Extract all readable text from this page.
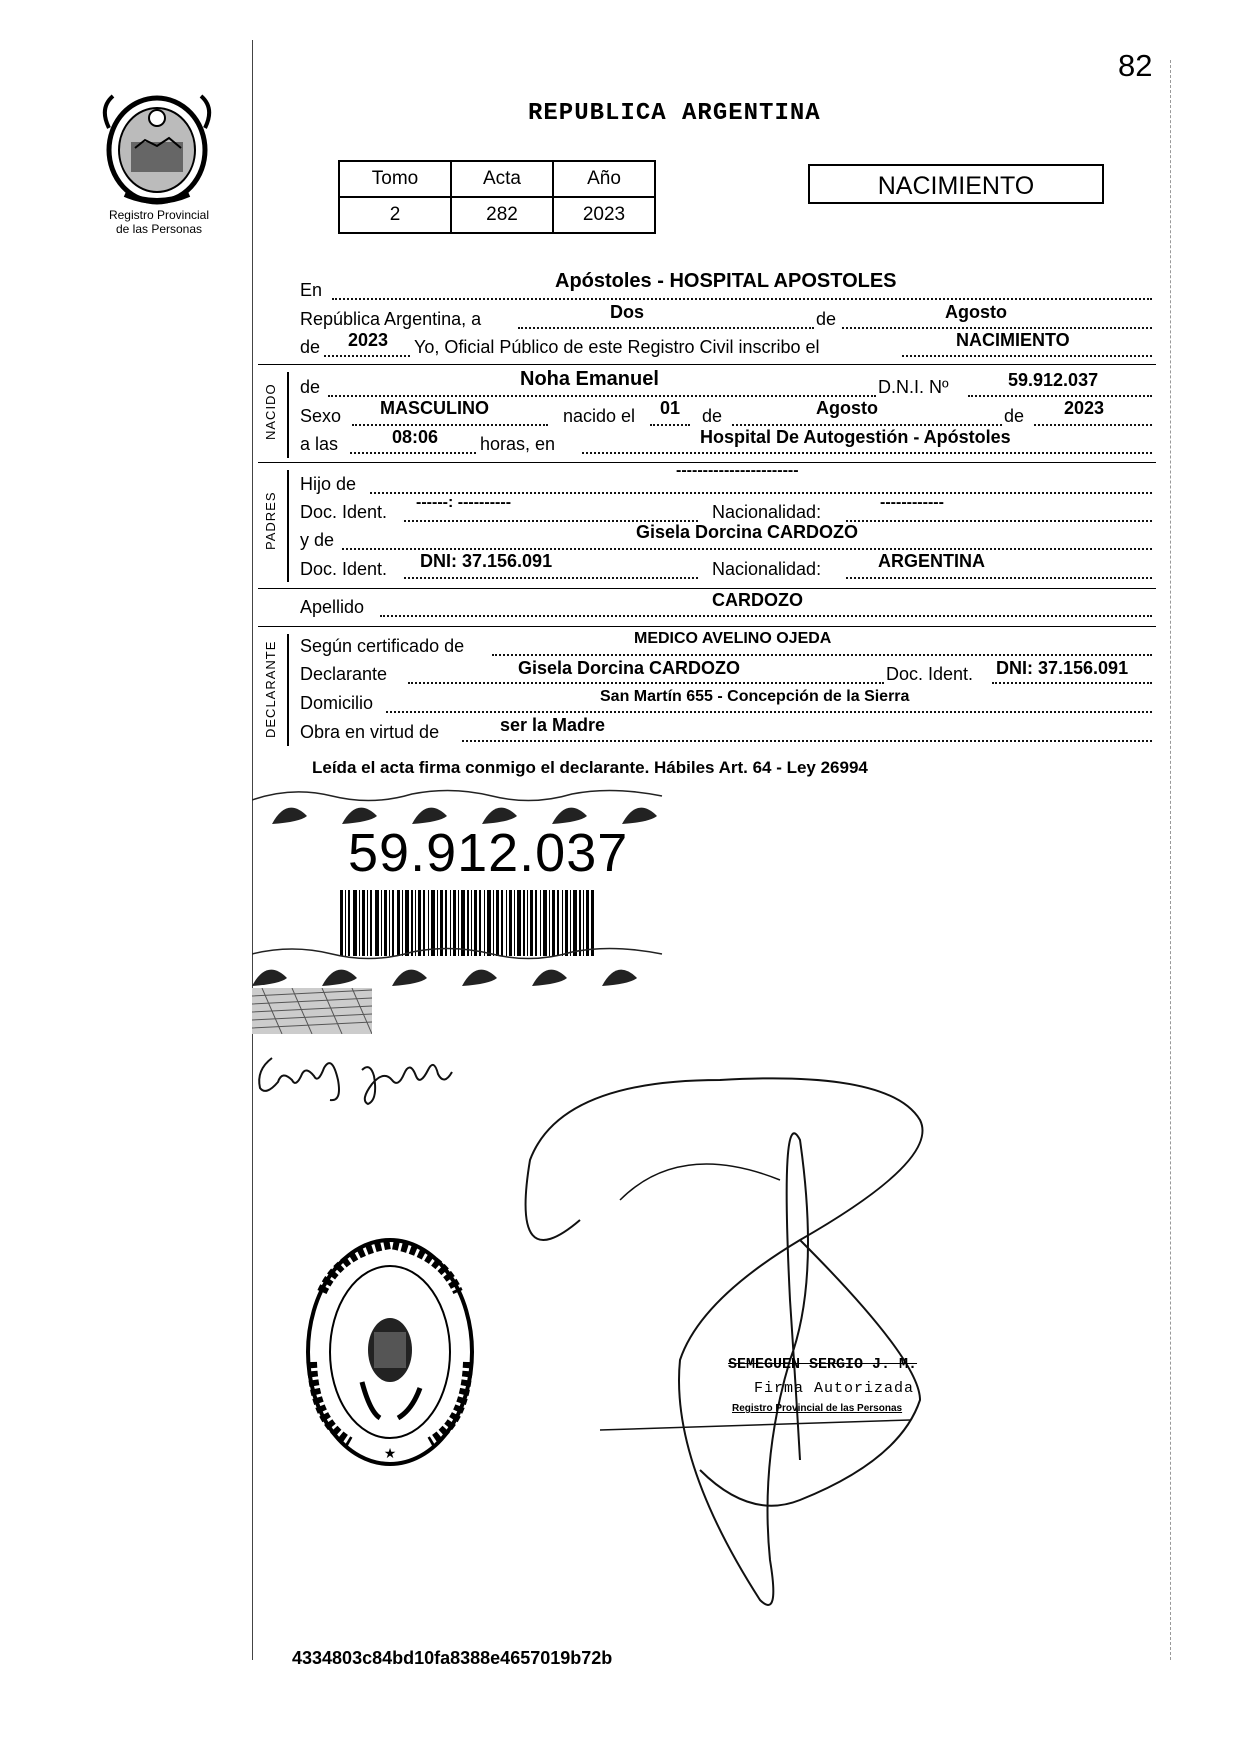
82
Registro Provincial
de las Personas
REPUBLICA ARGENTINA
Tomo	Acta	Año
2	282	2023
NACIMIENTO
En	Apóstoles - HOSPITAL APOSTOLES
República Argentina, a	Dos	de	Agosto
de 2023 Yo, Oficial Público de este Registro Civil inscribo el	NACIMIENTO
NACIDO de	Noha Emanuel	D.N.I. Nº	59.912.037
Sexo MASCULINO	nacido el 01 de	Agosto	de 2023
a las	08:06 horas, en	Hospital De Autogestión - Apóstoles
PADRES
Hijo de
-----------------------
Doc. Ident. ------: ----------	Nacionalidad:	------------
y de	Gisela Dorcina CARDOZO
Doc. Ident. DNI: 37.156.091	Nacionalidad:	ARGENTINA
Apellido	CARDOZO
DECLARANTE Según certificado de	MEDICO AVELINO OJEDA
Declarante	Gisela Dorcina CARDOZO	Doc. Ident. DNI: 37.156.091
Domicilio	San Martín 655 - Concepción de la Sierra
Obra en virtud de	ser la Madre
Leída el acta firma conmigo el declarante. Hábiles Art. 64 - Ley 26994
59.912.037
★
SEMEGUEN SERGIO J. M.
Firma Autorizada
Registro Provincial de las Personas
4334803c84bd10fa8388e4657019b72b
